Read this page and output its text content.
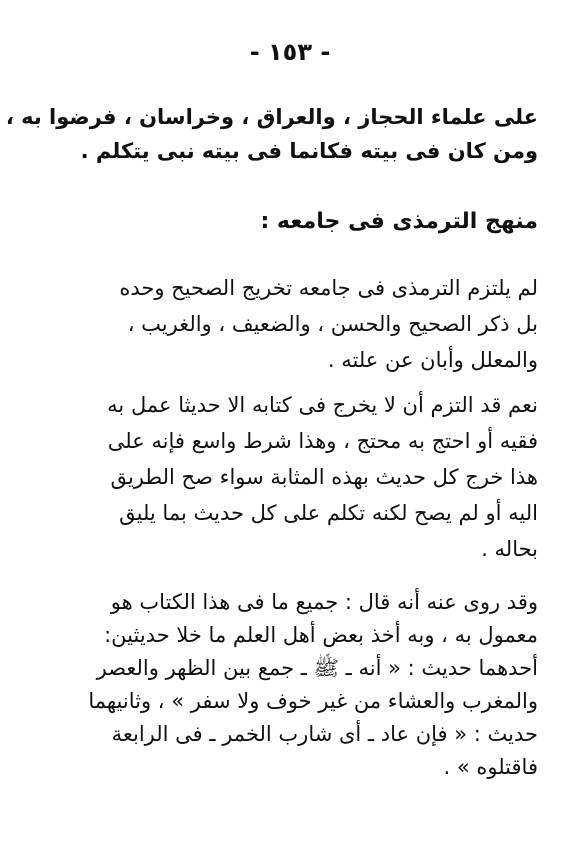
- ١٥٣ -
على علماء الحجاز ، والعراق ، وخراسان ، فرضوا به ،
ومن كان فى بيته فكانما فى بيته نبى يتكلم .
منهج الترمذى فى جامعه :
لم يلتزم الترمذى فى جامعه تخريج الصحيح وحده
بل ذكر الصحيح والحسن ، والضعيف ، والغريب ،
والمعلل وأبان عن علته .
نعم قد التزم أن لا يخرج فى كتابه الا حديثا عمل به
فقيه أو احتج به محتج ، وهذا شرط واسع فإنه على
هذا خرج كل حديث بهذه المثابة سواء صح الطريق
اليه أو لم يصح لكنه تكلم على كل حديث بما يليق
بحاله .
وقد روى عنه أنه قال : جميع ما فى هذا الكتاب هو
معمول به ، وبه أخذ بعض أهل العلم ما خلا حديثين:
أحدهما حديث : « أنه ـ ﷺ ـ جمع بين الظهر والعصر
والمغرب والعشاء من غير خوف ولا سفر » ، وثانيهما
حديث : « فإن عاد ـ أى شارب الخمر ـ فى الرابعة
فاقتلوه » .
